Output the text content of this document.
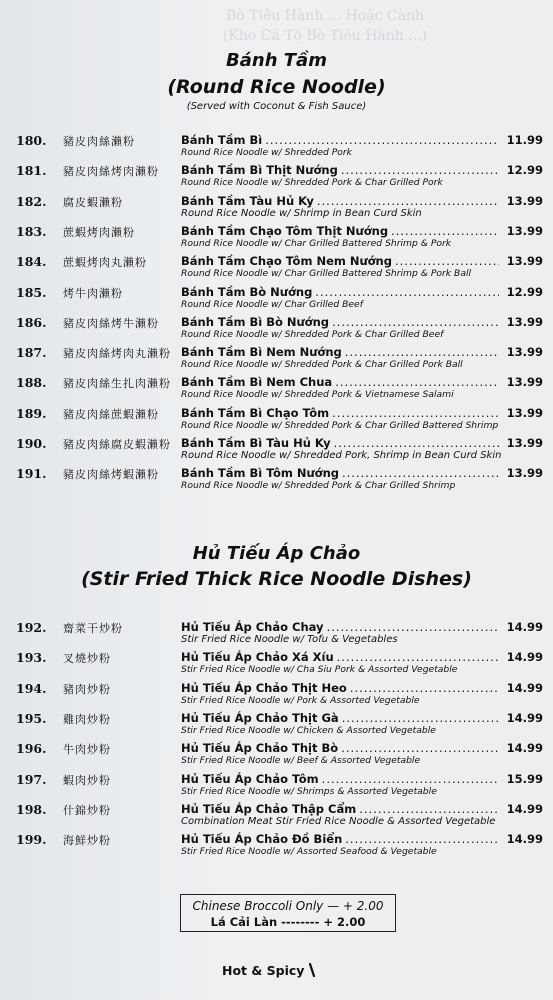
Bò Tiêu Hành ... Hoặc Cành
(Kho Cà Tộ Bò Tiêu Hành ...)
Bánh Tầm
(Round Rice Noodle)
(Served with Coconut & Fish Sauce)
180. 豬皮肉絲瀨粉	Bánh Tầm Bì .....	11.99
Round Rice Noodle w/ Shredded Pork
181. 豬皮肉絲烤肉瀨粉 Bánh Tầm Bì Thịt Nướng .....	12.99
Round Rice Noodle w/ Shredded Pork & Char Grilled Pork
182. 腐皮蝦瀨粉	Bánh Tầm Tàu Hủ Ky .....	13.99
Round Rice Noodle w/ Shrimp in Bean Curd Skin
183. 蔗蝦烤肉瀨粉	Bánh Tầm Chạo Tôm Thịt Nướng .....	13.99
Round Rice Noodle w/ Char Grilled Battered Shrimp & Pork
184. 蔗蝦烤肉丸瀨粉	Bánh Tầm Chạo Tôm Nem Nướng .....	13.99
Round Rice Noodle w/ Char Grilled Battered Shrimp & Pork Ball
185. 烤牛肉瀨粉	Bánh Tầm Bò Nướng .....	12.99
Round Rice Noodle w/ Char Grilled Beef
186. 豬皮肉絲烤牛瀨粉 Bánh Tầm Bì Bò Nướng .....	13.99
Round Rice Noodle w/ Shredded Pork & Char Grilled Beef
187. 豬皮肉絲烤肉丸瀨粉 Bánh Tầm Bì Nem Nướng .....	13.99
Round Rice Noodle w/ Shredded Pork & Char Grilled Pork Ball
188. 豬皮肉絲生扎肉瀨粉 Bánh Tầm Bì Nem Chua .....	13.99
Round Rice Noodle w/ Shredded Pork & Vietnamese Salami
189. 豬皮肉絲蔗蝦瀨粉 Bánh Tầm Bì Chạo Tôm .....	13.99
Round Rice Noodle w/ Shredded Pork & Char Grilled Battered Shrimp
190. 豬皮肉絲腐皮蝦瀨粉 Bánh Tầm Bì Tàu Hủ Ky .....	13.99
Round Rice Noodle w/ Shredded Pork, Shrimp in Bean Curd Skin
191. 豬皮肉絲烤蝦瀨粉 Bánh Tầm Bì Tôm Nướng .....	13.99
Round Rice Noodle w/ Shredded Pork & Char Grilled Shrimp
Hủ Tiếu Áp Chảo
(Stir Fried Thick Rice Noodle Dishes)
192. 齋菜干炒粉	Hủ Tiếu Áp Chảo Chay .....	14.99
Stir Fried Rice Noodle w/ Tofu & Vegetables
193. 叉燒炒粉	Hủ Tiếu Áp Chảo Xá Xíu .....	14.99
Stir Fried Rice Noodle w/ Cha Siu Pork & Assorted Vegetable
194. 豬肉炒粉	Hủ Tiếu Áp Chảo Thịt Heo .....	14.99
Stir Fried Rice Noodle w/ Pork & Assorted Vegetable
195. 雞肉炒粉	Hủ Tiếu Áp Chảo Thịt Gà .....	14.99
Stir Fried Rice Noodle w/ Chicken & Assorted Vegetable
196. 牛肉炒粉	Hủ Tiếu Áp Chảo Thịt Bò .....	14.99
Stir Fried Rice Noodle w/ Beef & Assorted Vegetable
197. 蝦肉炒粉	Hủ Tiếu Áp Chảo Tôm .....	15.99
Stir Fried Rice Noodle w/ Shrimps & Assorted Vegetable
198. 什錦炒粉	Hủ Tiếu Áp Chảo Thập Cẩm .....	14.99
Combination Meat Stir Fried Rice Noodle & Assorted Vegetable
199. 海鮮炒粉	Hủ Tiếu Áp Chảo Đồ Biển .....	14.99
Stir Fried Rice Noodle w/ Assorted Seafood & Vegetable
Chinese Broccoli Only — + 2.00
Lá Cải Làn -------- + 2.00
Hot & Spicy
